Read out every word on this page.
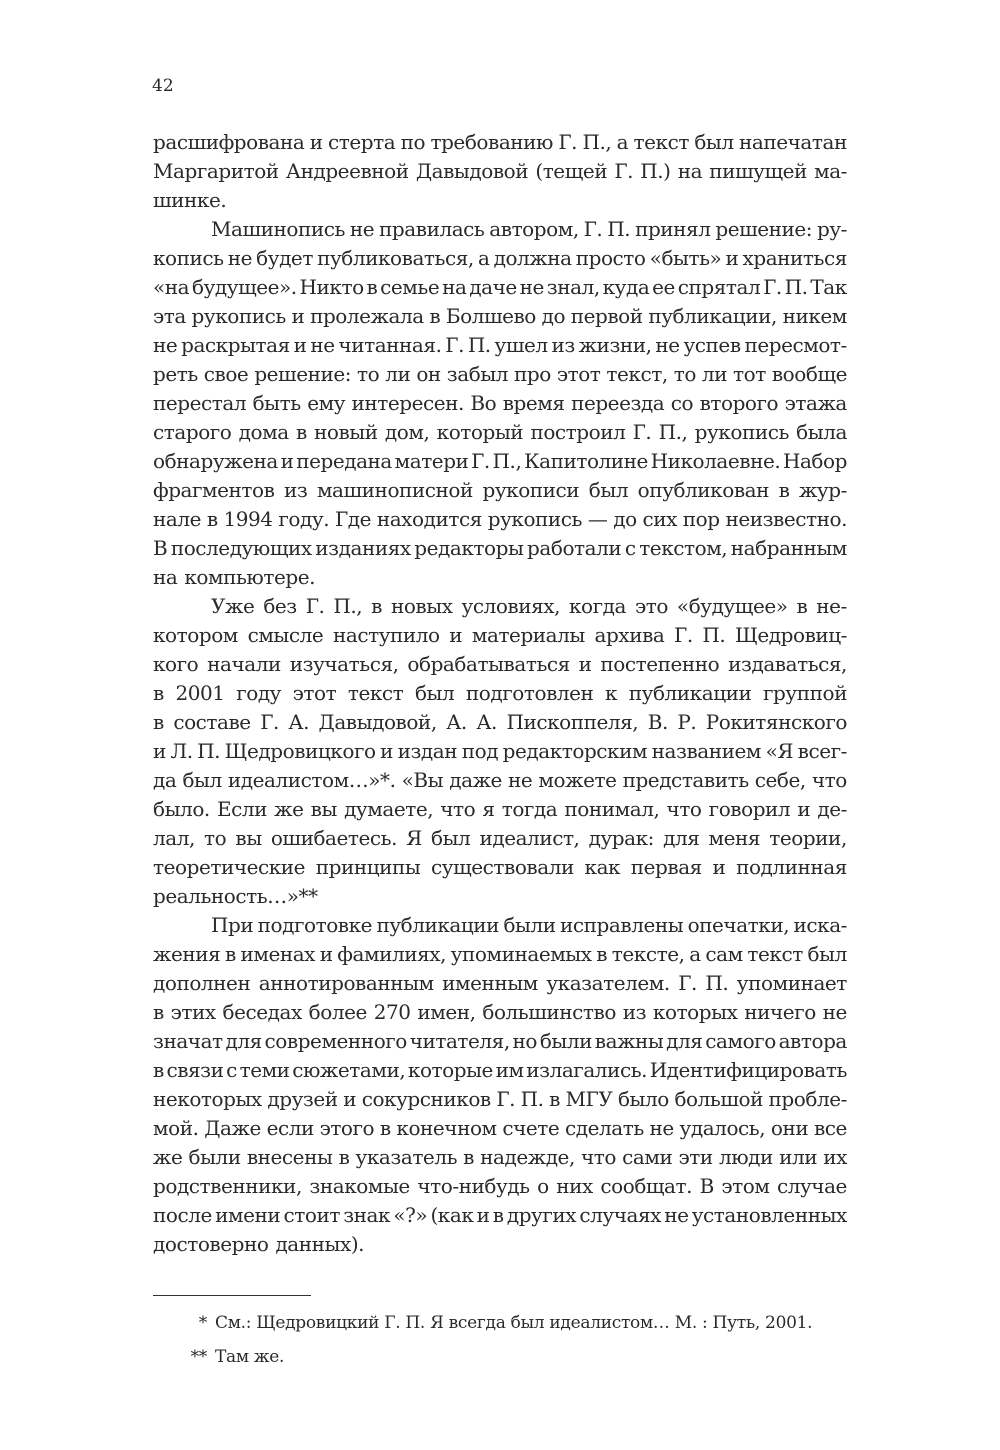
42
расшифрована и стерта по требованию Г. П., а текст был напечатан
Маргаритой Андреевной Давыдовой (тещей Г. П.) на пишущей ма-
шинке.
Машинопись не правилась автором, Г. П. принял решение: ру-
копись не будет публиковаться, а должна просто «быть» и храниться
«на будущее». Никто в семье на даче не знал, куда ее спрятал Г. П. Так
эта рукопись и пролежала в Болшево до первой публикации, никем
не раскрытая и не читанная. Г. П. ушел из жизни, не успев пересмот-
реть свое решение: то ли он забыл про этот текст, то ли тот вообще
перестал быть ему интересен. Во время переезда со второго этажа
старого дома в новый дом, который построил Г. П., рукопись была
обнаружена и передана матери Г. П., Капитолине Николаевне. Набор
фрагментов из машинописной рукописи был опубликован в жур-
нале в 1994 году. Где находится рукопись — до сих пор неизвестно.
В последующих изданиях редакторы работали с текстом, набранным
на компьютере.
Уже без Г. П., в новых условиях, когда это «будущее» в не-
котором смысле наступило и материалы архива Г. П. Щедровиц-
кого начали изучаться, обрабатываться и постепенно издаваться,
в 2001 году этот текст был подготовлен к публикации группой
в составе Г. А. Давыдовой, А. А. Пископпеля, В. Р. Рокитянского
и Л. П. Щедровицкого и издан под редакторским названием «Я всег-
да был идеалистом…»*. «Вы даже не можете представить себе, что
было. Если же вы думаете, что я тогда понимал, что говорил и де-
лал, то вы ошибаетесь. Я был идеалист, дурак: для меня теории,
теоретические принципы существовали как первая и подлинная
реальность…»**
При подготовке публикации были исправлены опечатки, иска-
жения в именах и фамилиях, упоминаемых в тексте, а сам текст был
дополнен аннотированным именным указателем. Г. П. упоминает
в этих беседах более 270 имен, большинство из которых ничего не
значат для современного читателя, но были важны для самого автора
в связи с теми сюжетами, которые им излагались. Идентифицировать
некоторых друзей и сокурсников Г. П. в МГУ было большой пробле-
мой. Даже если этого в конечном счете сделать не удалось, они все
же были внесены в указатель в надежде, что сами эти люди или их
родственники, знакомые что-нибудь о них сообщат. В этом случае
после имени стоит знак «?» (как и в других случаях не установленных
достоверно данных).
* См.: Щедровицкий Г. П. Я всегда был идеалистом… М. : Путь, 2001.
** Там же.
